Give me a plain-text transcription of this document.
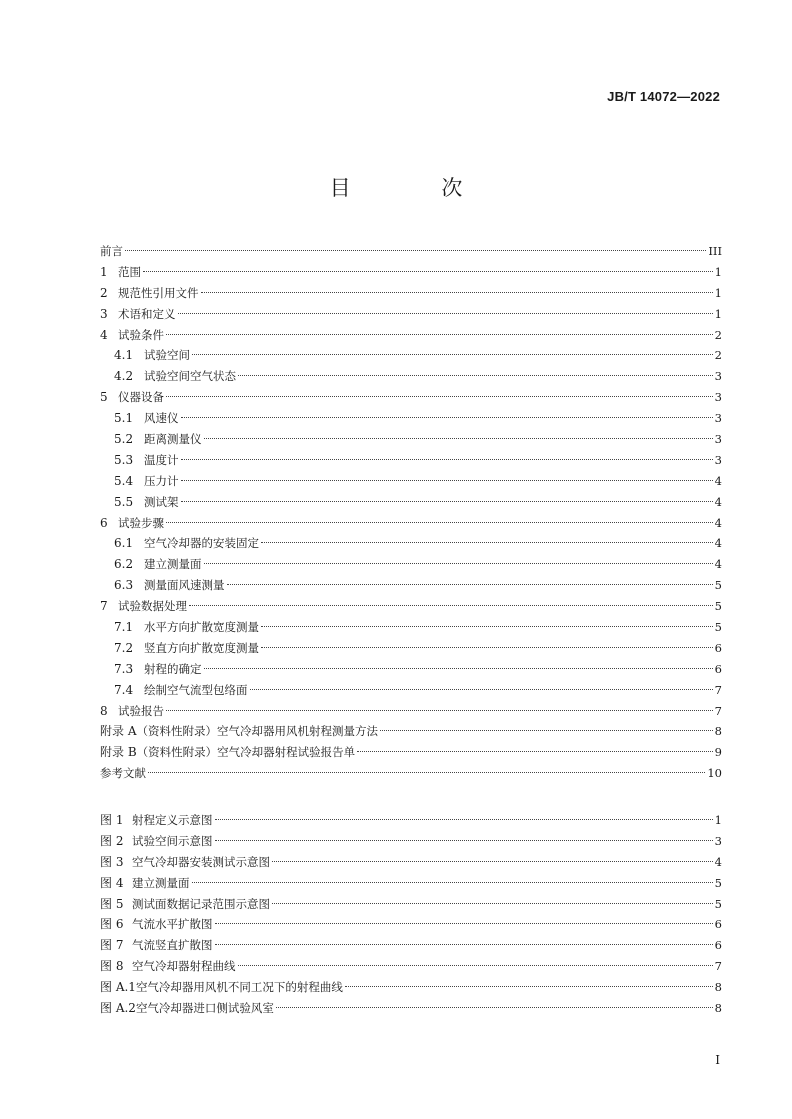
JB/T 14072—2022
目 次
前言	III
1 范围	1
2 规范性引用文件	1
3 术语和定义	1
4 试验条件	2
4.1 试验空间	2
4.2 试验空间空气状态	3
5 仪器设备	3
5.1 风速仪	3
5.2 距离测量仪	3
5.3 温度计	3
5.4 压力计	4
5.5 测试架	4
6 试验步骤	4
6.1 空气冷却器的安装固定	4
6.2 建立测量面	4
6.3 测量面风速测量	5
7 试验数据处理	5
7.1 水平方向扩散宽度测量	5
7.2 竖直方向扩散宽度测量	6
7.3 射程的确定	6
7.4 绘制空气流型包络面	7
8 试验报告	7
附录 A （资料性附录）空气冷却器用风机射程测量方法	8
附录 B （资料性附录）空气冷却器射程试验报告单	9
参考文献	10
图 1 射程定义示意图	1
图 2 试验空间示意图	3
图 3 空气冷却器安装测试示意图	4
图 4 建立测量面	5
图 5 测试面数据记录范围示意图	5
图 6 气流水平扩散图	6
图 7 气流竖直扩散图	6
图 8 空气冷却器射程曲线	7
图 A.1 空气冷却器用风机不同工况下的射程曲线	8
图 A.2 空气冷却器进口侧试验风室	8
I
